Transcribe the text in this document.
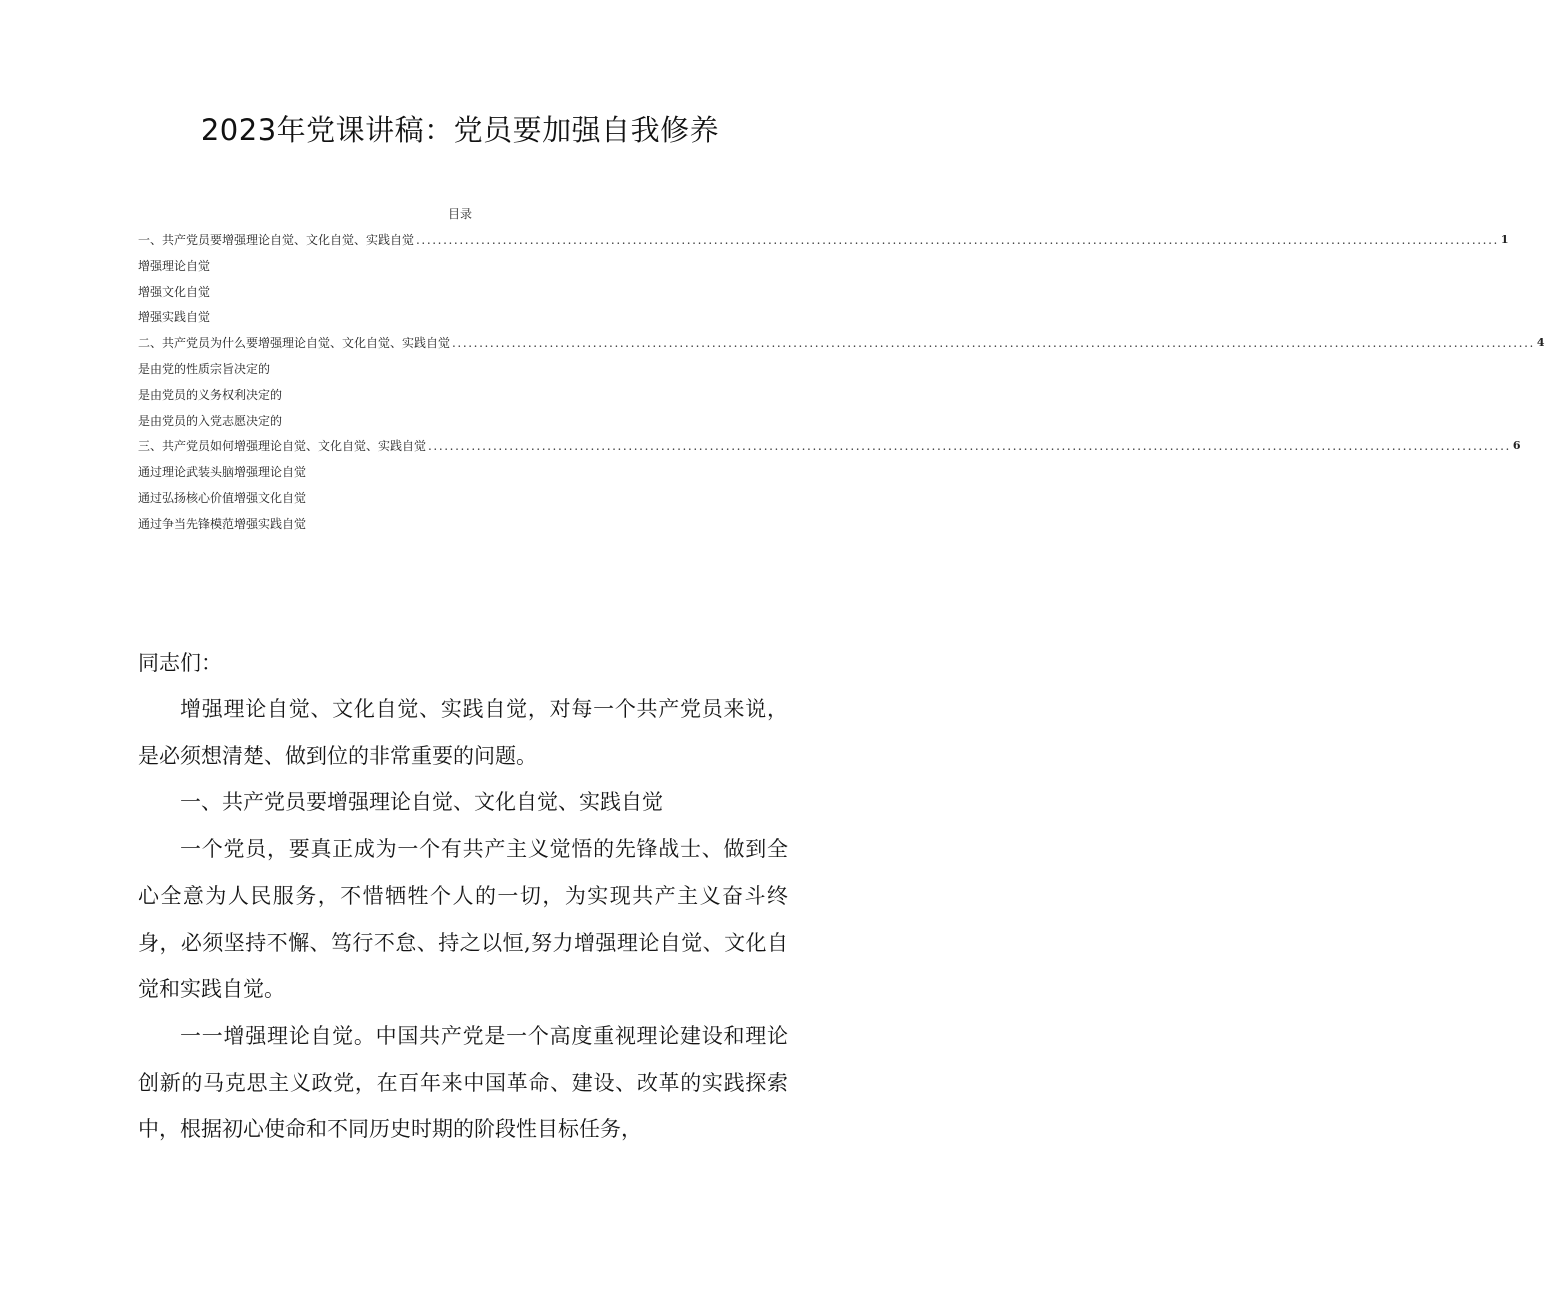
2023年党课讲稿：党员要加强自我修养
目录
一、共产党员要增强理论自觉、文化自觉、实践自觉 ........................................................................................................................................................................................................ 1
增强理论自觉
增强文化自觉
增强实践自觉
二、共产党员为什么要增强理论自觉、文化自觉、实践自觉 ........................................................................................................................................................................................................ 4
是由党的性质宗旨决定的
是由党员的义务权利决定的
是由党员的入党志愿决定的
三、共产党员如何增强理论自觉、文化自觉、实践自觉 ........................................................................................................................................................................................................ 6
通过理论武装头脑增强理论自觉
通过弘扬核心价值增强文化自觉
通过争当先锋模范增强实践自觉
同志们：

增强理论自觉、文化自觉、实践自觉，对每一个共产党员来说，是必须想清楚、做到位的非常重要的问题。

一、共产党员要增强理论自觉、文化自觉、实践自觉

一个党员，要真正成为一个有共产主义觉悟的先锋战士、做到全心全意为人民服务，不惜牺牲个人的一切，为实现共产主义奋斗终身，必须坚持不懈、笃行不怠、持之以恒,努力增强理论自觉、文化自觉和实践自觉。

一一增强理论自觉。中国共产党是一个高度重视理论建设和理论创新的马克思主义政党，在百年来中国革命、建设、改革的实践探索中，根据初心使命和不同历史时期的阶段性目标任务，
